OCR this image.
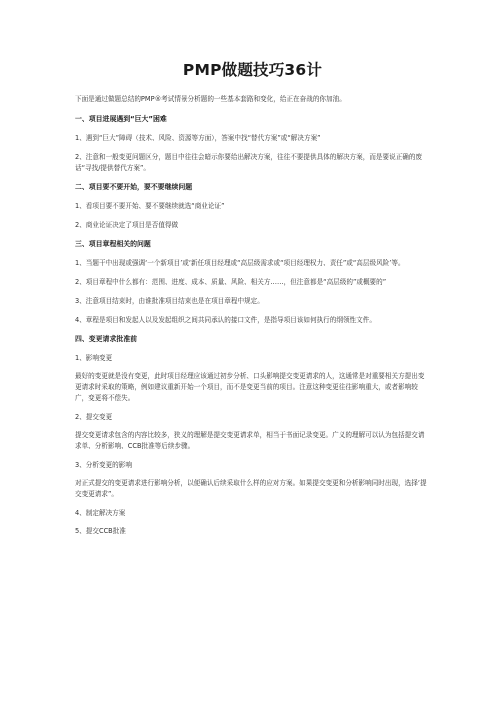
PMP做题技巧36计
下面是通过做题总结的PMP®考试情景分析题的一些基本套路和变化，给正在奋战的你加油。
一、项目进展遇到“巨大”困难
1、遇到“巨大”障碍（技术、风险、资源等方面），答案中找“替代方案”或“解决方案”
2、注意和一般变更问题区分，题目中往往会暗示你要给出解决方案，往往不要提供具体的解决方案，而是要说正确的废话“寻找/提供替代方案”。
二、项目要不要开始，要不要继续问题
1、看项目要不要开始、要不要继续就选“商业论证”
2、商业论证决定了项目是否值得做
三、项目章程相关的问题
1、当题干中出现或强调‘一个新项目’或‘新任项目经理或“高层级需求或“项目经理权力、责任”或“高层级风险’等。
2、项目章程中什么都有：范围、进度、成本、质量、风险、相关方……，但注意都是“高层级的”或概要的”
3、注意项目结束时，由谁批准项目结束也是在项目章程中规定。
4、章程是项目和发起人以及发起组织之间共同承认的接口文件，是指导项目该如何执行的纲领性文件。
四、变更请求批准前
1、影响变更
最好的变更就是没有变更，此时项目经理应该通过初步分析、口头影响提交变更请求的人，这通常是对重要相关方提出变更请求时采取的策略，例如建议重新开始一个项目，而不是变更当前的项目。注意这种变更往往影响重大，或者影响较广，变更将不偿失。
2、提交变更
提交变更请求包含的内容比较多，狭义的理解是提交变更请求单，相当于书面记录变更。广义的理解可以认为包括提交请求单、分析影响、CCB批准等后续步骤。
3、分析变更的影响
对正式提交的变更请求进行影响分析，以便确认后续采取什么样的应对方案。如果提交变更和分析影响同时出现，选择‘提交变更请求”。
4、制定解决方案
5、提交CCB批准
